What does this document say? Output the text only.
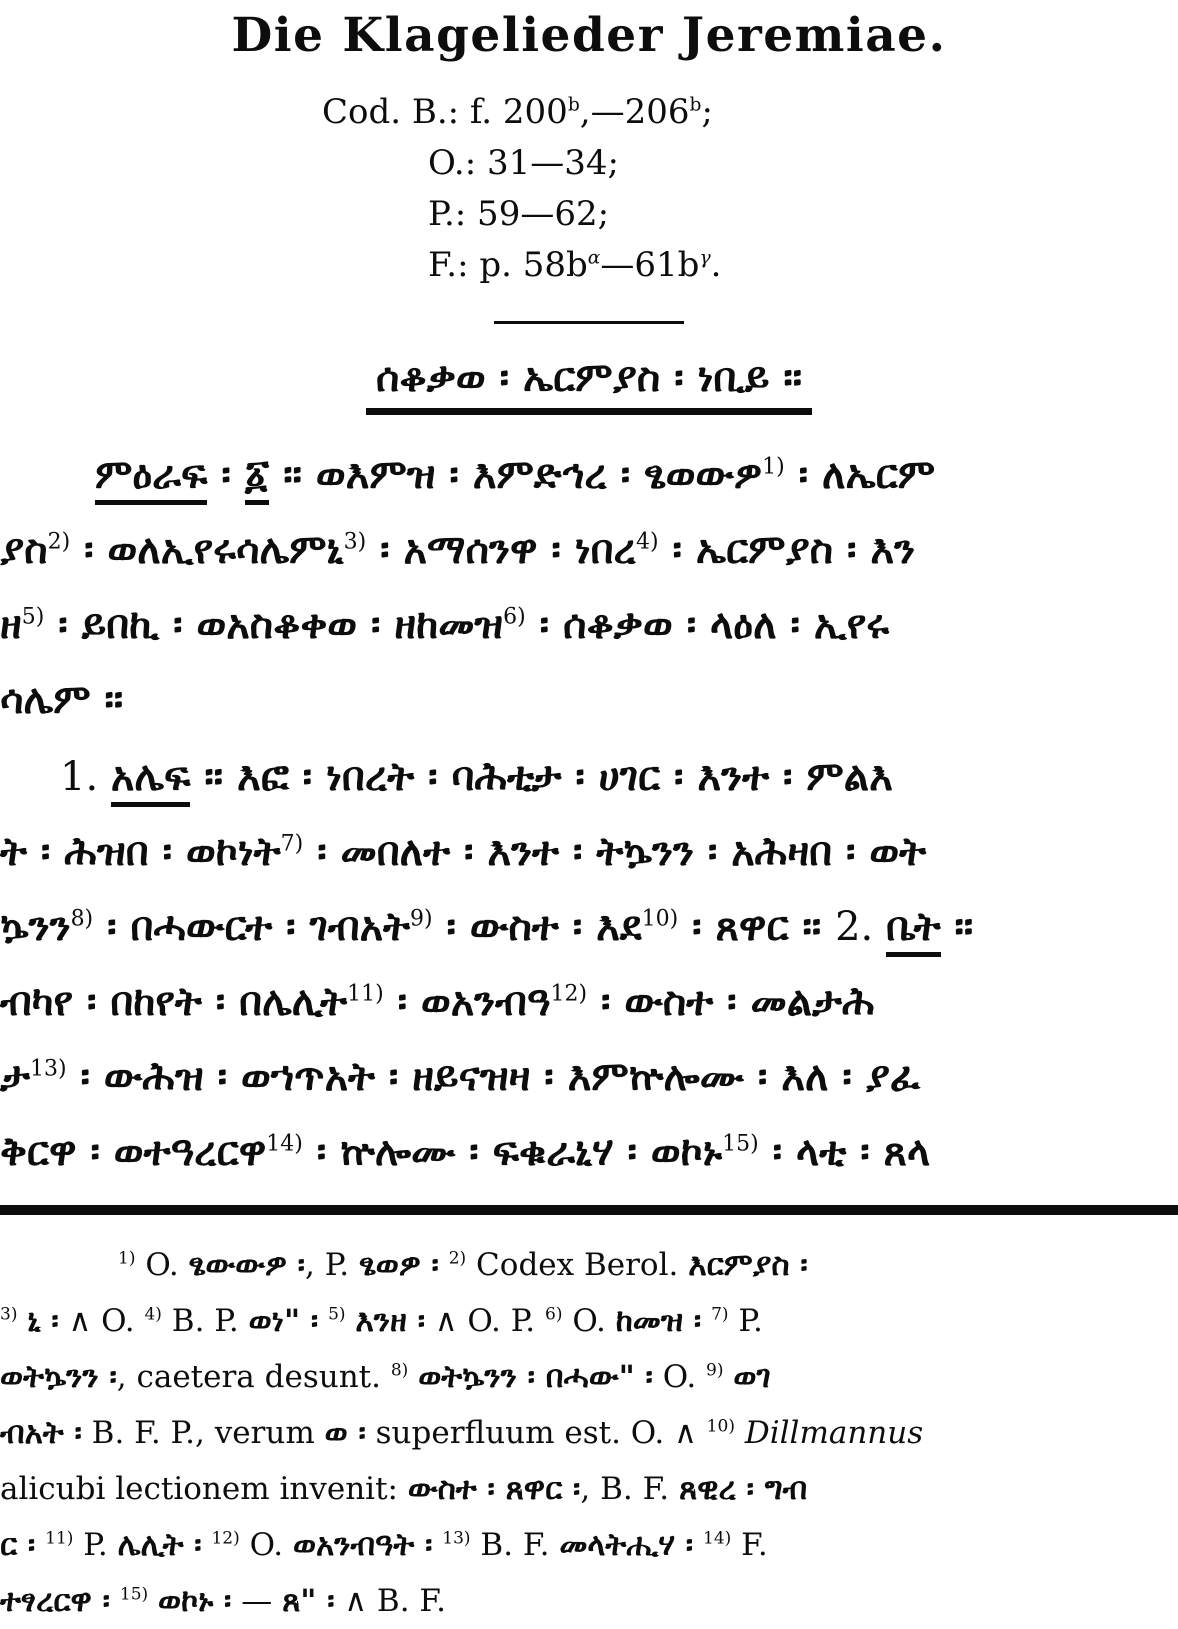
Die Klagelieder Jeremiae.
Cod. B.: f. 200$^b$,—206$^b$;
O.: 31—34;
P.: 59—62;
F.: p. $58b^\alpha—61b^\gamma$.
ሰቆቃወ ፡ ኤርምያስ ፡ ነቢይ ።
ምዕራፍ ፡ ፩ ። ወእምዝ ፡ እምድኅረ ፡ ፄወውዎ$^{1)}$ ፡ ለኤርም
ያስ$^{2)}$ ፡ ወለኢየሩሳሌምኒ$^{3)}$ ፡ አማሰንዋ ፡ ነበረ$^{4)}$ ፡ ኤርምያስ ፡ እን
ዘ$^{5)}$ ፡ ይበኪ ፡ ወአስቆቀወ ፡ ዘከመዝ$^{6)}$ ፡ ሰቆቃወ ፡ ላዕለ ፡ ኢየሩ
ሳሌም ።
1. አሌፍ ። እፎ ፡ ነበረት ፡ ባሕቲታ ፡ ሀገር ፡ እንተ ፡ ምልእ
ት ፡ ሕዝበ ፡ ወኮነት$^{7)}$ ፡ መበለተ ፡ እንተ ፡ ትኴንን ፡ አሕዛበ ፡ ወት
ኴንን$^{8)}$ ፡ በሓውርተ ፡ ገብአት$^{9)}$ ፡ ውስተ ፡ እደ$^{10)}$ ፡ ጸዋር ። 2. ቤት ።
ብካየ ፡ በከየት ፡ በሌሊት$^{11)}$ ፡ ወአንብዓ$^{12)}$ ፡ ውስተ ፡ መልታሕ
ታ$^{13)}$ ፡ ውሕዝ ፡ ወኀጥአት ፡ ዘይናዝዛ ፡ እምኵሎሙ ፡ እለ ፡ ያፈ
ቅርዋ ፡ ወተዓረርዋ$^{14)}$ ፡ ኵሎሙ ፡ ፍቁራኒሃ ፡ ወኮኑ$^{15)}$ ፡ ላቲ ፡ ጸላ
$^{1)}$ O. ፄውውዎ ፡, P. ፄወዎ ፡ $^{2)}$ Codex Berol. እርምያስ ፡
$^{3)}$ ኒ ፡ ∧ O. $^{4)}$ B. P. ወነ" ፡ $^{5)}$ እንዘ ፡ ∧ O. P. $^{6)}$ O. ከመዝ ፡ $^{7)}$ P.
ወትኴንን ፡, caetera desunt. $^{8)}$ ወትኴንን ፡ በሓው" ፡ O. $^{9)}$ ወገ
ብአት ፡ B. F. P., verum ወ ፡ superfluum est. O. ∧ $^{10)}$ Dillmannus
alicubi lectionem invenit: ውስተ ፡ ጸዋር ፡, B. F. ጸዊረ ፡ ግብ
ር ፡ $^{11)}$ P. ሌሊት ፡ $^{12)}$ O. ወአንብዓት ፡ $^{13)}$ B. F. መላትሒሃ ፡ $^{14)}$ F.
ተፃረርዋ ፡ $^{15)}$ ወኮኑ ፡ — ጸ" ፡ ∧ B. F.
